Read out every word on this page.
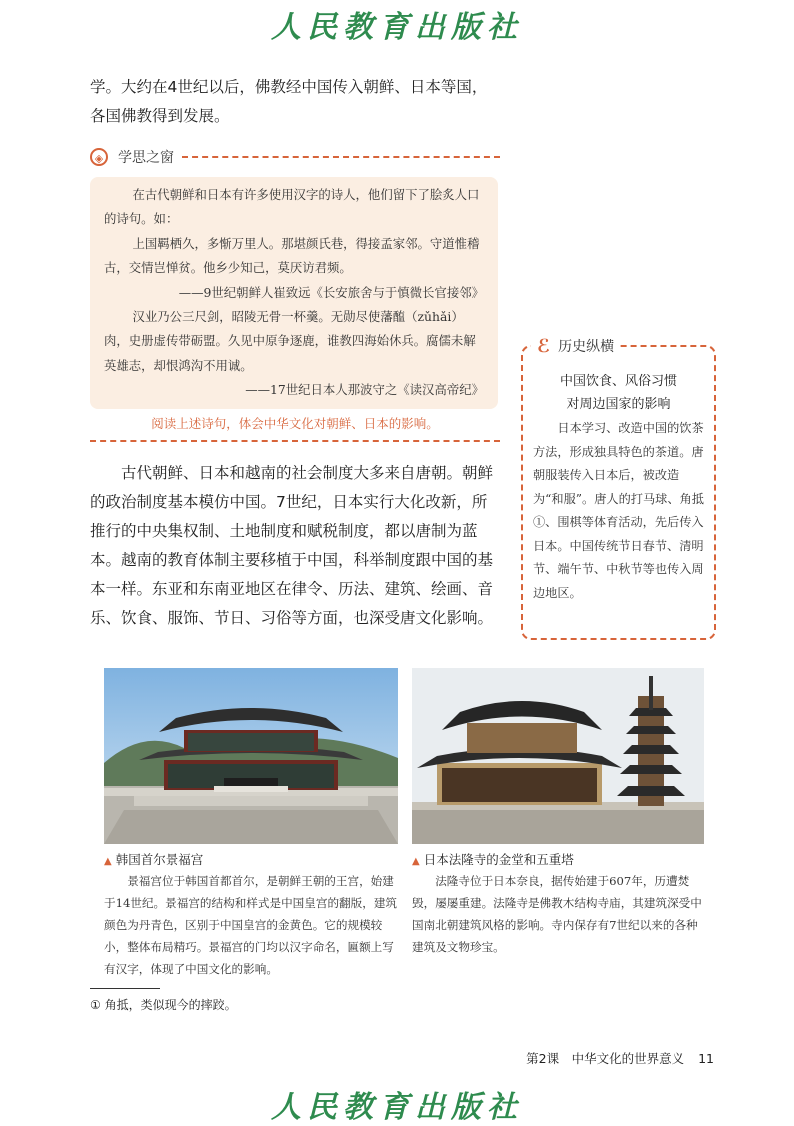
人民教育出版社

学。大约在4世纪以后，佛教经中国传入朝鲜、日本等国，各国佛教得到发展。

◈	学思之窗

在古代朝鲜和日本有许多使用汉字的诗人，他们留下了脍炙人口的诗句。如：

上国羁栖久，多惭万里人。那堪颜氏巷，得接孟家邻。守道惟稽古，交情岂惮贫。他乡少知己，莫厌访君频。

——9世纪朝鲜人崔致远《长安旅舍与于慎微长官接邻》

汉业乃公三尺剑，昭陵无骨一杯羹。无勋尽使藩醢（zǔhǎi）肉，史册虚传带砺盟。久见中原争逐鹿，谁教四海始休兵。腐儒未解英雄志，却恨鸿沟不用诚。

——17世纪日本人那波守之《读汉高帝纪》

阅读上述诗句，体会中华文化对朝鲜、日本的影响。

古代朝鲜、日本和越南的社会制度大多来自唐朝。朝鲜的政治制度基本模仿中国。7世纪，日本实行大化改新，所推行的中央集权制、土地制度和赋税制度，都以唐制为蓝本。越南的教育体制主要移植于中国，科举制度跟中国的基本一样。东亚和东南亚地区在律令、历法、建筑、绘画、音乐、饮食、服饰、节日、习俗等方面，也深受唐文化影响。

中国饮食、风俗习惯

对周边国家的影响

日本学习、改造中国的饮茶方法，形成独具特色的茶道。唐朝服装传入日本后，被改造为“和服”。唐人的打马球、角抵①、围棋等体育活动，先后传入日本。中国传统节日春节、清明节、端午节、中秋节等也传入周边地区。

ℰ 历史纵横
▲ 韩国首尔景福宫

景福宫位于韩国首都首尔，是朝鲜王朝的王宫，始建于14世纪。景福宫的结构和样式是中国皇宫的翻版，建筑颜色为丹青色，区别于中国皇宫的金黄色。它的规模较小，整体布局精巧。景福宫的门均以汉字命名，匾额上写有汉字，体现了中国文化的影响。

▲ 日本法隆寺的金堂和五重塔

法隆寺位于日本奈良，据传始建于607年，历遭焚毁，屡屡重建。法隆寺是佛教木结构寺庙，其建筑深受中国南北朝建筑风格的影响。寺内保存有7世纪以来的各种建筑及文物珍宝。

① 角抵，类似现今的摔跤。
第2课　中华文化的世界意义 11
人民教育出版社
